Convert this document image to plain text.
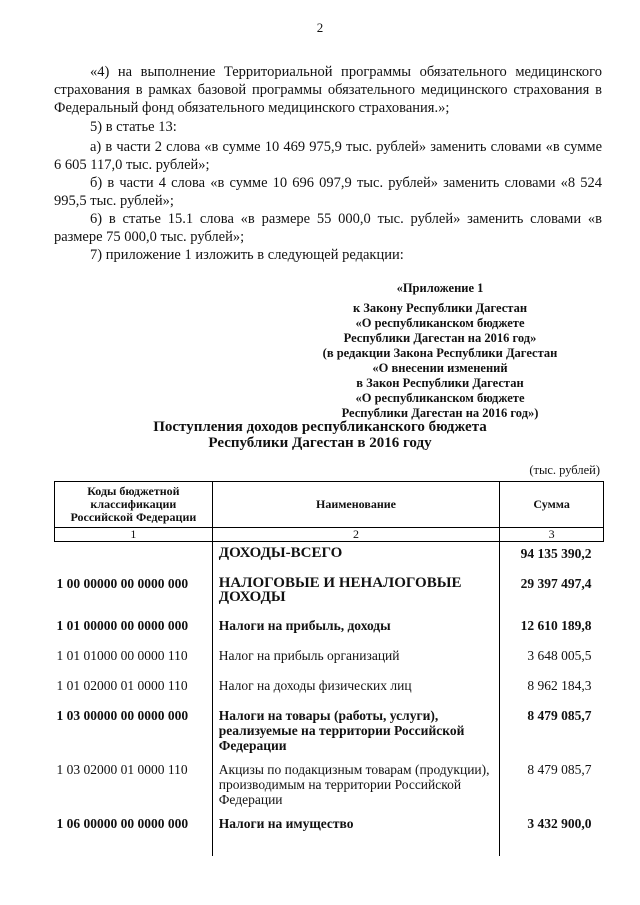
2
«4) на выполнение Территориальной программы обязательного медицинского страхования в рамках базовой программы обязательного медицинского страхования в Федеральный фонд обязательного медицинского страхования.»;
5) в статье 13:
а) в части 2 слова «в сумме 10 469 975,9 тыс. рублей» заменить словами «в сумме 6 605 117,0 тыс. рублей»;
б) в части 4 слова «в сумме 10 696 097,9 тыс. рублей» заменить словами «8 524 995,5 тыс. рублей»;
6) в статье 15.1 слова «в размере 55 000,0 тыс. рублей» заменить словами «в размере 75 000,0 тыс. рублей»;
7) приложение 1 изложить в следующей редакции:
«Приложение 1
к Закону Республики Дагестан
«О республиканском бюджете
Республики Дагестан на 2016 год»
(в редакции Закона Республики Дагестан
«О внесении изменений
в Закон Республики Дагестан
«О республиканском бюджете
Республики Дагестан на 2016 год»)
Поступления доходов республиканского бюджета
Республики Дагестан в 2016 году
(тыс. рублей)
Коды бюджетной классификации Российской Федерации	Наименование	Сумма
1	2	3
	ДОХОДЫ-ВСЕГО	94 135 390,2
1 00 00000 00 0000 000	НАЛОГОВЫЕ И НЕНАЛОГОВЫЕ ДОХОДЫ	29 397 497,4
1 01 00000 00 0000 000	Налоги на прибыль, доходы	12 610 189,8
1 01 01000 00 0000 110	Налог на прибыль организаций	3 648 005,5
1 01 02000 01 0000 110	Налог на доходы физических лиц	8 962 184,3
1 03 00000 00 0000 000	Налоги на товары (работы, услуги), реализуемые на территории Российской Федерации	8 479 085,7
1 03 02000 01 0000 110	Акцизы по подакцизным товарам (продукции), производимым на территории Российской Федерации	8 479 085,7
1 06 00000 00 0000 000	Налоги на имущество	3 432 900,0
